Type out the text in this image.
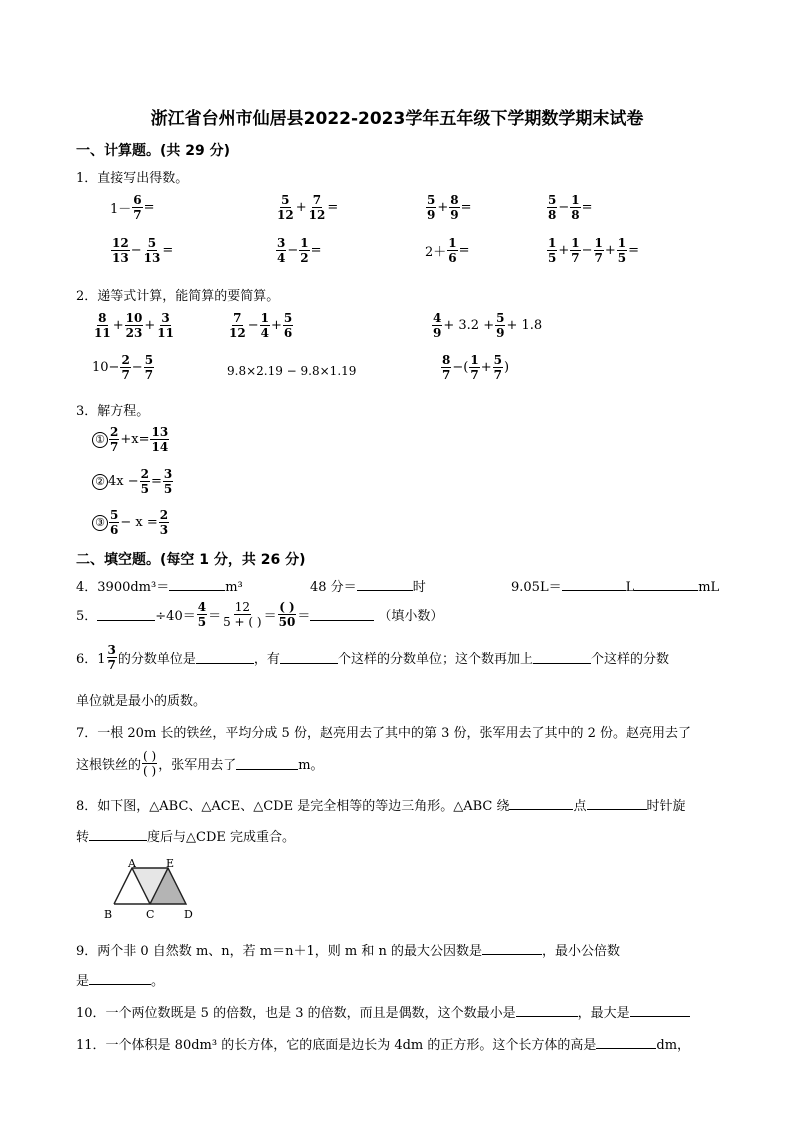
浙江省台州市仙居县2022-2023学年五年级下学期数学期末试卷
一、计算题。(共 29 分)
1．直接写出得数。
$1- \frac{6}{7}$ =	$\frac{5}{12} + \frac{7}{12}$ =	$\frac{5}{9} + \frac{8}{9}$ =	$\frac{5}{8} - \frac{1}{8}$ =
$\frac{12}{13} - \frac{5}{13}$ =	$\frac{3}{4} - \frac{1}{2}$ =	$2+ \frac{1}{6}$ =	$\frac{1}{5} + \frac{1}{7} - \frac{1}{7} + \frac{1}{5}$ =
2．递等式计算，能简算的要简算。
$\frac{8}{11} + \frac{10}{23} + \frac{3}{11}$	$\frac{7}{12} - \frac{1}{4} + \frac{5}{6}$	$\frac{4}{9} + 3.2 + \frac{5}{9} + 1.8$
$10- \frac{2}{7} - \frac{5}{7}$	9.8×2.19 − 9.8×1.19	$\frac{8}{7}$ −( $\frac{1}{7} + \frac{5}{7}$ )
3．解方程。
① $\frac{2}{7} +x= \frac{13}{14}$
② $4x - \frac{2}{5} = \frac{3}{5}$
③ $\frac{5}{6} - x = \frac{2}{3}$
二、填空题。(每空 1 分，共 26 分)
4．3900dm³＝	m³	48 分＝	时	9.05L＝	L	mL
5．	$\div 40= \frac{4}{5} = \frac{12}{5 + ( )} = \frac{( )}{50}$ ＝	（填小数）
6．$1 \frac{3}{7}$ 的分数单位是	，有	个这样的分数单位；这个数再加上	个这样的分数
单位就是最小的质数。
7．一根 20m 长的铁丝，平均分成 5 份，赵亮用去了其中的第 3 份，张军用去了其中的 2 份。赵亮用去了
这根铁丝的 $\frac{( )}{( )}$ ，张军用去了	m。
8．如下图，△ABC、△ACE、△CDE 是完全相等的等边三角形。△ABC 绕	点	时针旋
转	度后与△CDE 完成重合。
A	E
B	C	D
9．两个非 0 自然数 m、n，若 m＝n＋1，则 m 和 n 的最大公因数是	，最小公倍数
是	。
10．一个两位数既是 5 的倍数，也是 3 的倍数，而且是偶数，这个数最小是	，最大是
11．一个体积是 80dm³ 的长方体，它的底面是边长为 4dm 的正方形。这个长方体的高是	dm，
